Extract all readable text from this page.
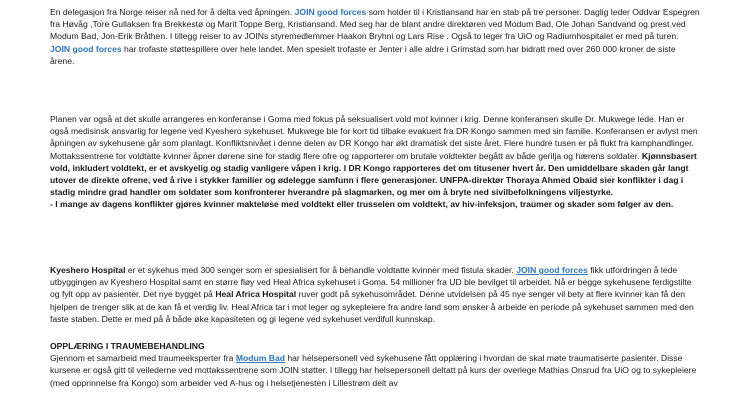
En delegasjon fra Norge reiser nå ned for å delta ved åpningen. JOIN good forces som holder til i Kristiansand har en stab på tre personer. Daglig leder Oddvar Espegren fra Høvåg ,Tore Gullaksen fra Brekkestø og Marit Toppe Berg, Kristiansand. Med seg har de blant andre direktøren ved Modum Bad, Ole Johan Sandvand og prest ved Modum Bad, Jon-Erik Bråthen. I tillegg reiser to av JOINs styremedlemmer Haakon Bryhni og Lars Rise . Også to leger fra UiO og Radiumhospitalet er med på turen. JOIN good forces har trofaste støttespillere over hele landet. Men spesielt trofaste er Jenter i alle aldre i Grimstad som har bidratt med over 260 000 kroner de siste årene.

Planen var også at det skulle arrangeres en konferanse i Goma med fokus på seksualisert vold mot kvinner i krig. Denne konferansen skulle Dr. Mukwege lede. Han er også medisinsk ansvarlig for legene ved Kyeshero sykehuset. Mukwege ble for kort tid tilbake evakuert fra DR Kongo sammen med sin familie. Konferansen er avlyst men åpningen av sykehusene går som planlagt. Konfliktsnivået i denne delen av DR Kongo har økt dramatisk det siste året. Flere hundre tusen er på flukt fra kamphandlinger. Mottakssentrene for voldtatte kvinner åpner dørene sine for stadig flere ofre og rapporterer om brutale voldtekter begått av både gerilja og hærens soldater. Kjønnsbasert vold, inkludert voldtekt, er et avskyelig og stadig vanligere våpen i krig. I DR Kongo rapporteres det om titusener hvert år. Den umiddelbare skaden går langt utover de direkte ofrene, ved å rive i stykker familier og ødelegge samfunn i flere generasjoner. UNFPA-direktør Thoraya Ahmed Obaid sier konflikter i dag i stadig mindre grad handler om soldater som konfronterer hverandre på slagmarken, og mer om å bryte ned sivilbefolkningens viljestyrke.
- I mange av dagens konflikter gjøres kvinner makteløse med voldtekt eller trusselen om voldtekt, av hiv-infeksjon, traumer og skader som følger av den.

Kyeshero Hospital er et sykehus med 300 senger som er spesialisert for å behandle voldtatte kvinner med fistula skader. JOIN good forces fikk utfordringen å lede utbyggingen av Kyeshero Hospital samt en større fløy ved Heal Africa sykehuset i Goma. 54 millioner fra UD ble bevilget til arbeidet. Nå er begge sykehusene ferdigstilte og fylt opp av pasienter. Det nye bygget på Heal Africa Hospital ruver godt på sykehusområdet. Denne utvidelsen på 45 nye senger vil bety at flere kvinner kan få den hjelpen de trenger slik at de kan få et verdig liv. Heal Africa tar i mot leger og sykepleiere fra andre land som ønsker å arbeide en periode på sykehuset sammen med den faste staben. Dette er med på å både øke kapasiteten og gi legene ved sykehuset verdifull kunnskap.

OPPLÆRING I TRAUMEBEHANDLING
Gjennom et samarbeid med traumeeksperter fra Modum Bad har helsepersonell ved sykehusene fått opplæring i hvordan de skal møte traumatiserte pasienter. Disse kursene er også gitt til veilederne ved mottakssentrene som JOIN støtter. I tillegg har helsepersonell deltatt på kurs der overlege Mathias Onsrud fra UiO og to sykepleiere (med opprinnelse fra Kongo) som arbeider ved A-hus og i helsetjenesten i Lillestrøm delt av
